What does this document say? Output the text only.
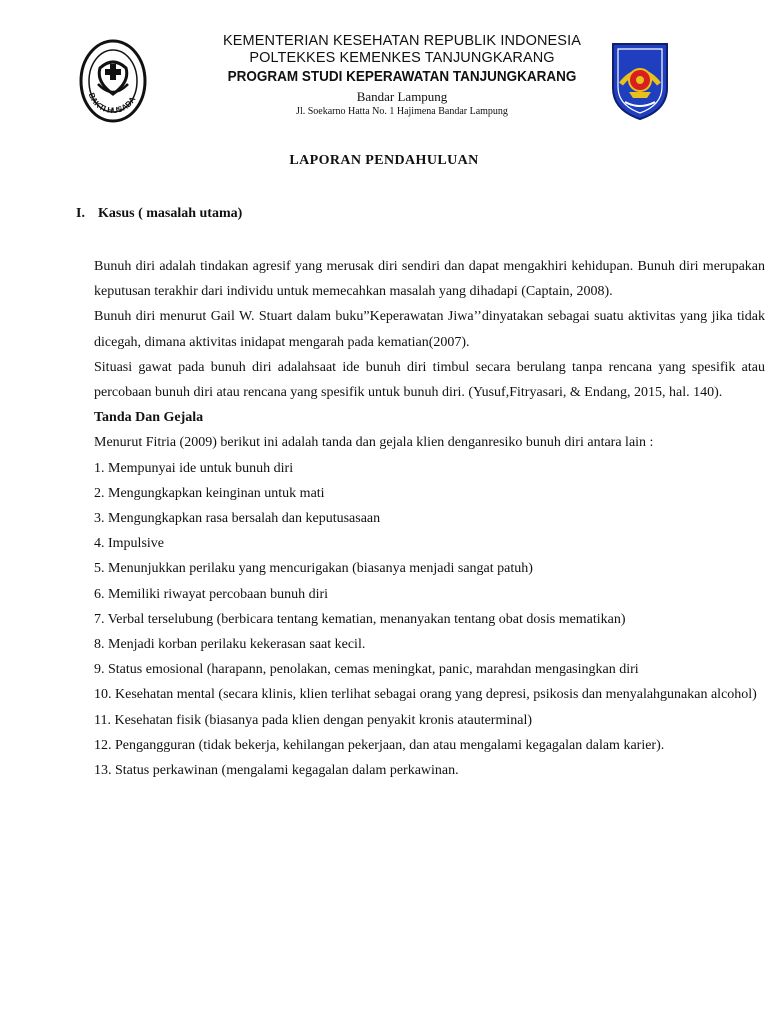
BAKTI HUSADA
KEMENTERIAN KESEHATAN REPUBLIK INDONESIA
POLTEKKES KEMENKES TANJUNGKARANG
PROGRAM STUDI KEPERAWATAN TANJUNGKARANG
Bandar Lampung
Jl. Soekarno Hatta No. 1 Hajimena Bandar Lampung
LAPORAN PENDAHULUAN
I. Kasus ( masalah utama)

Bunuh diri adalah tindakan agresif yang merusak diri sendiri dan dapat mengakhiri kehidupan. Bunuh diri merupakan keputusan terakhir dari individu untuk memecahkan masalah yang dihadapi (Captain, 2008).

Bunuh diri menurut Gail W. Stuart dalam buku”Keperawatan Jiwa’’dinyatakan sebagai suatu aktivitas yang jika tidak dicegah, dimana aktivitas inidapat mengarah pada kematian(2007).

Situasi gawat pada bunuh diri adalahsaat ide bunuh diri timbul secara berulang tanpa rencana yang spesifik atau percobaan bunuh diri atau rencana yang spesifik untuk bunuh diri. (Yusuf,Fitryasari, & Endang, 2015, hal. 140).

Tanda Dan Gejala

Menurut Fitria (2009) berikut ini adalah tanda dan gejala klien denganresiko bunuh diri antara lain :

1. Mempunyai ide untuk bunuh diri

2. Mengungkapkan keinginan untuk mati

3. Mengungkapkan rasa bersalah dan keputusasaan

4. Impulsive

5. Menunjukkan perilaku yang mencurigakan (biasanya menjadi sangat patuh)

6. Memiliki riwayat percobaan bunuh diri

7. Verbal terselubung (berbicara tentang kematian, menanyakan tentang obat dosis mematikan)

8. Menjadi korban perilaku kekerasan saat kecil.

9. Status emosional (harapann, penolakan, cemas meningkat, panic, marahdan mengasingkan diri

10. Kesehatan mental (secara klinis, klien terlihat sebagai orang yang depresi, psikosis dan menyalahgunakan alcohol)

11. Kesehatan fisik (biasanya pada klien dengan penyakit kronis atauterminal)

12. Pengangguran (tidak bekerja, kehilangan pekerjaan, dan atau mengalami kegagalan dalam karier).

13. Status perkawinan (mengalami kegagalan dalam perkawinan.
